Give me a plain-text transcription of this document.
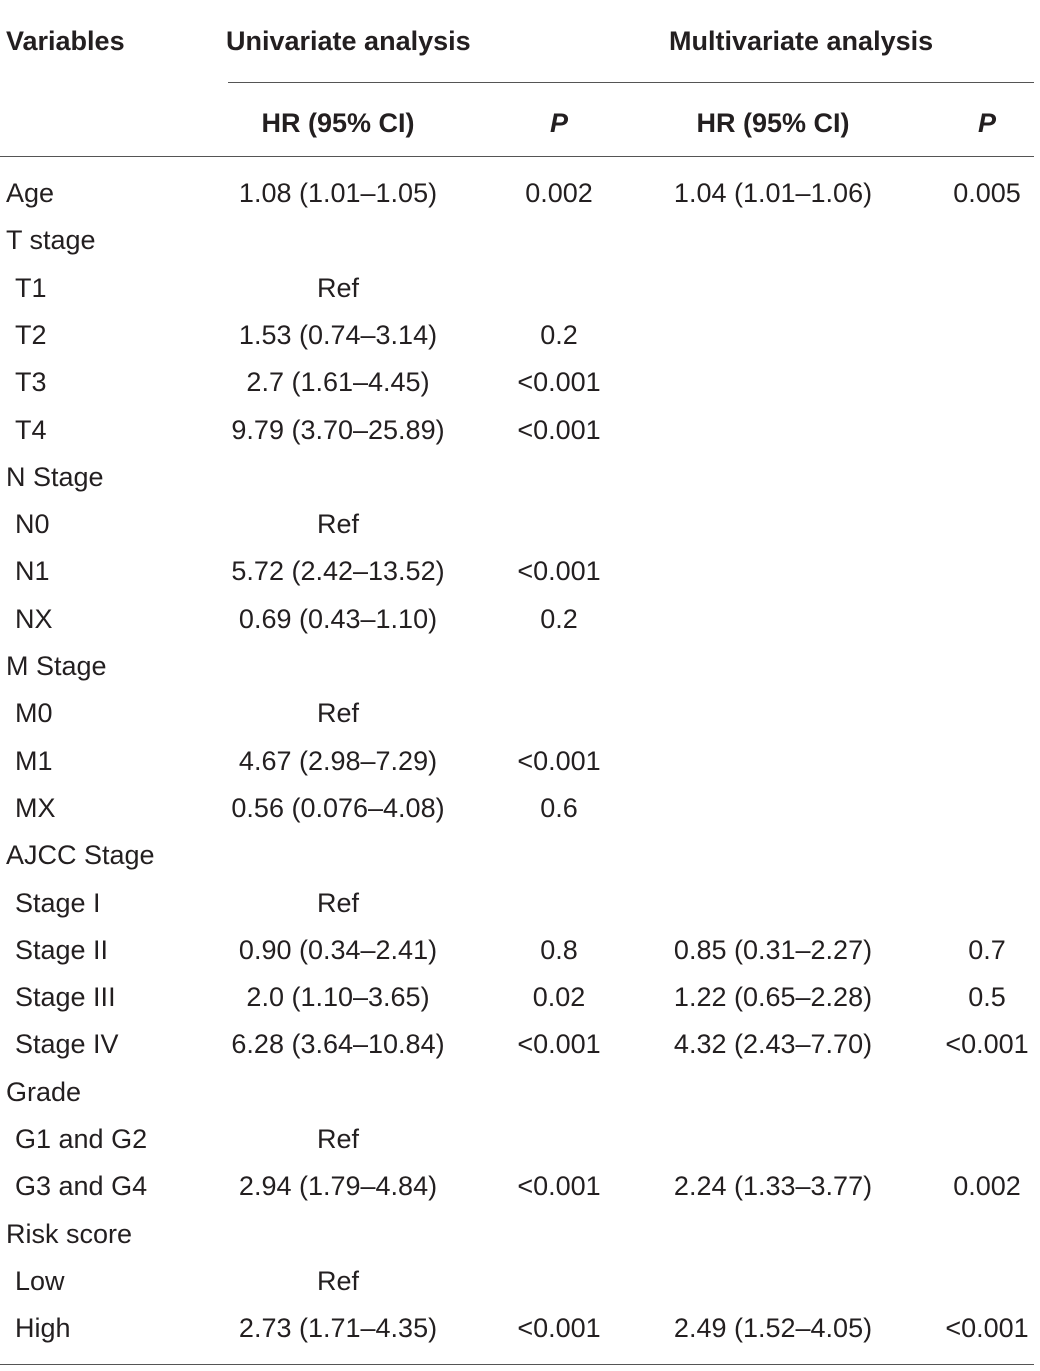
Variables	Univariate analysis	Multivariate analysis
HR (95% CI)	P	HR (95% CI)	P
Age	1.08 (1.01–1.05)	0.002	1.04 (1.01–1.06)	0.005
T stage
T1	Ref
T2	1.53 (0.74–3.14)	0.2
T3	2.7 (1.61–4.45)	<0.001
T4	9.79 (3.70–25.89)	<0.001
N Stage
N0	Ref
N1	5.72 (2.42–13.52)	<0.001
NX	0.69 (0.43–1.10)	0.2
M Stage
M0	Ref
M1	4.67 (2.98–7.29)	<0.001
MX	0.56 (0.076–4.08)	0.6
AJCC Stage
Stage I	Ref
Stage II	0.90 (0.34–2.41)	0.8	0.85 (0.31–2.27)	0.7
Stage III	2.0 (1.10–3.65)	0.02	1.22 (0.65–2.28)	0.5
Stage IV	6.28 (3.64–10.84)	<0.001	4.32 (2.43–7.70)	<0.001
Grade
G1 and G2	Ref
G3 and G4	2.94 (1.79–4.84)	<0.001	2.24 (1.33–3.77)	0.002
Risk score
Low	Ref
High	2.73 (1.71–4.35)	<0.001	2.49 (1.52–4.05)	<0.001
